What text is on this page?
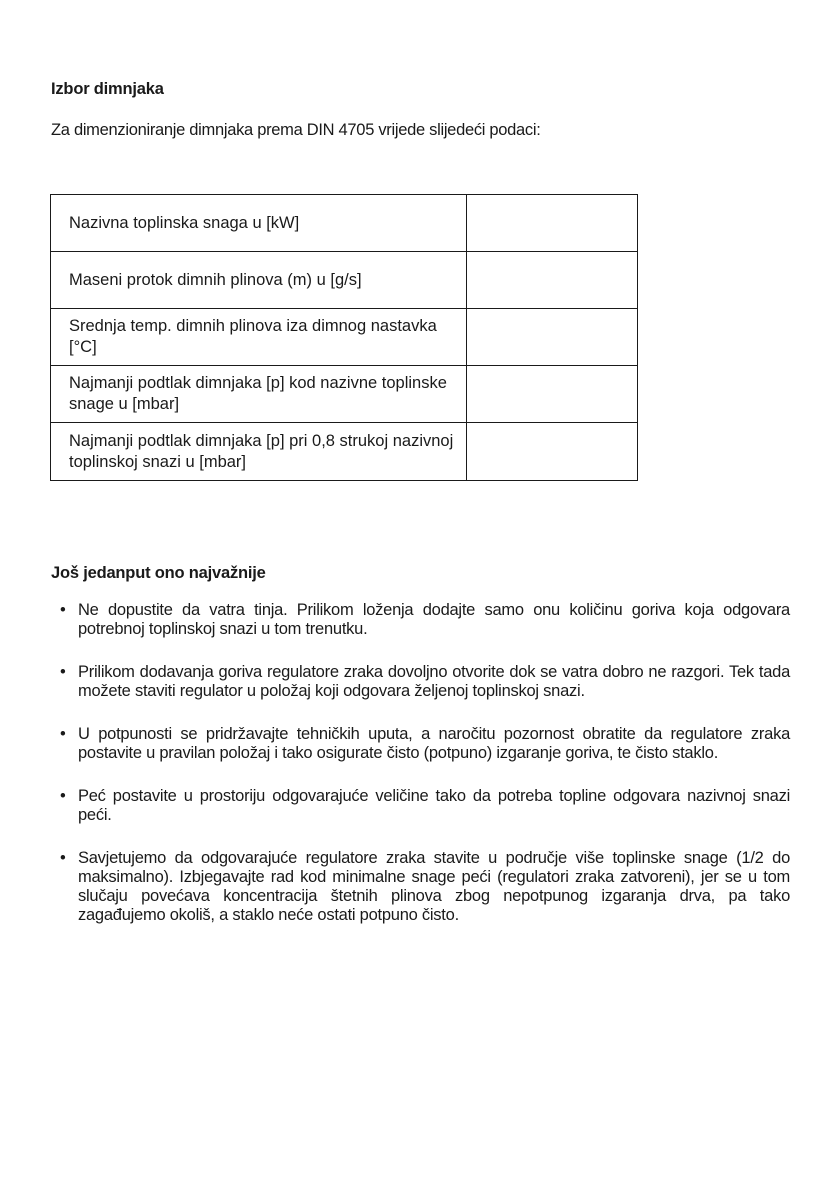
Izbor dimnjaka
Za dimenzioniranje dimnjaka prema DIN 4705 vrijede slijedeći podaci:
Nazivna toplinska snaga u [kW]	
Maseni protok dimnih plinova (m) u [g/s]	
Srednja temp. dimnih plinova iza dimnog nastavka [°C]	
Najmanji podtlak dimnjaka [p] kod nazivne toplinske snage u [mbar]	
Najmanji podtlak dimnjaka [p] pri 0,8 strukoj nazivnoj toplinskoj snazi u [mbar]	
Još jedanput ono najvažnije
• Ne dopustite da vatra tinja. Prilikom loženja dodajte samo onu količinu goriva koja odgovara potrebnoj toplinskoj snazi u tom trenutku.
• Prilikom dodavanja goriva regulatore zraka dovoljno otvorite dok se vatra dobro ne razgori. Tek tada možete staviti regulator u položaj koji odgovara željenoj toplinskoj snazi.
• U potpunosti se pridržavajte tehničkih uputa, a naročitu pozornost obratite da regulatore zraka postavite u pravilan položaj i tako osigurate čisto (potpuno) izgaranje goriva, te čisto staklo.
• Peć postavite u prostoriju odgovarajuće veličine tako da potreba topline odgovara nazivnoj snazi peći.
• Savjetujemo da odgovarajuće regulatore zraka stavite u područje više toplinske snage (1/2 do maksimalno). Izbjegavajte rad kod minimalne snage peći (regulatori zraka zatvoreni), jer se u tom slučaju povećava koncentracija štetnih plinova zbog nepotpunog izgaranja drva, pa tako zagađujemo okoliš, a staklo neće ostati potpuno čisto.
